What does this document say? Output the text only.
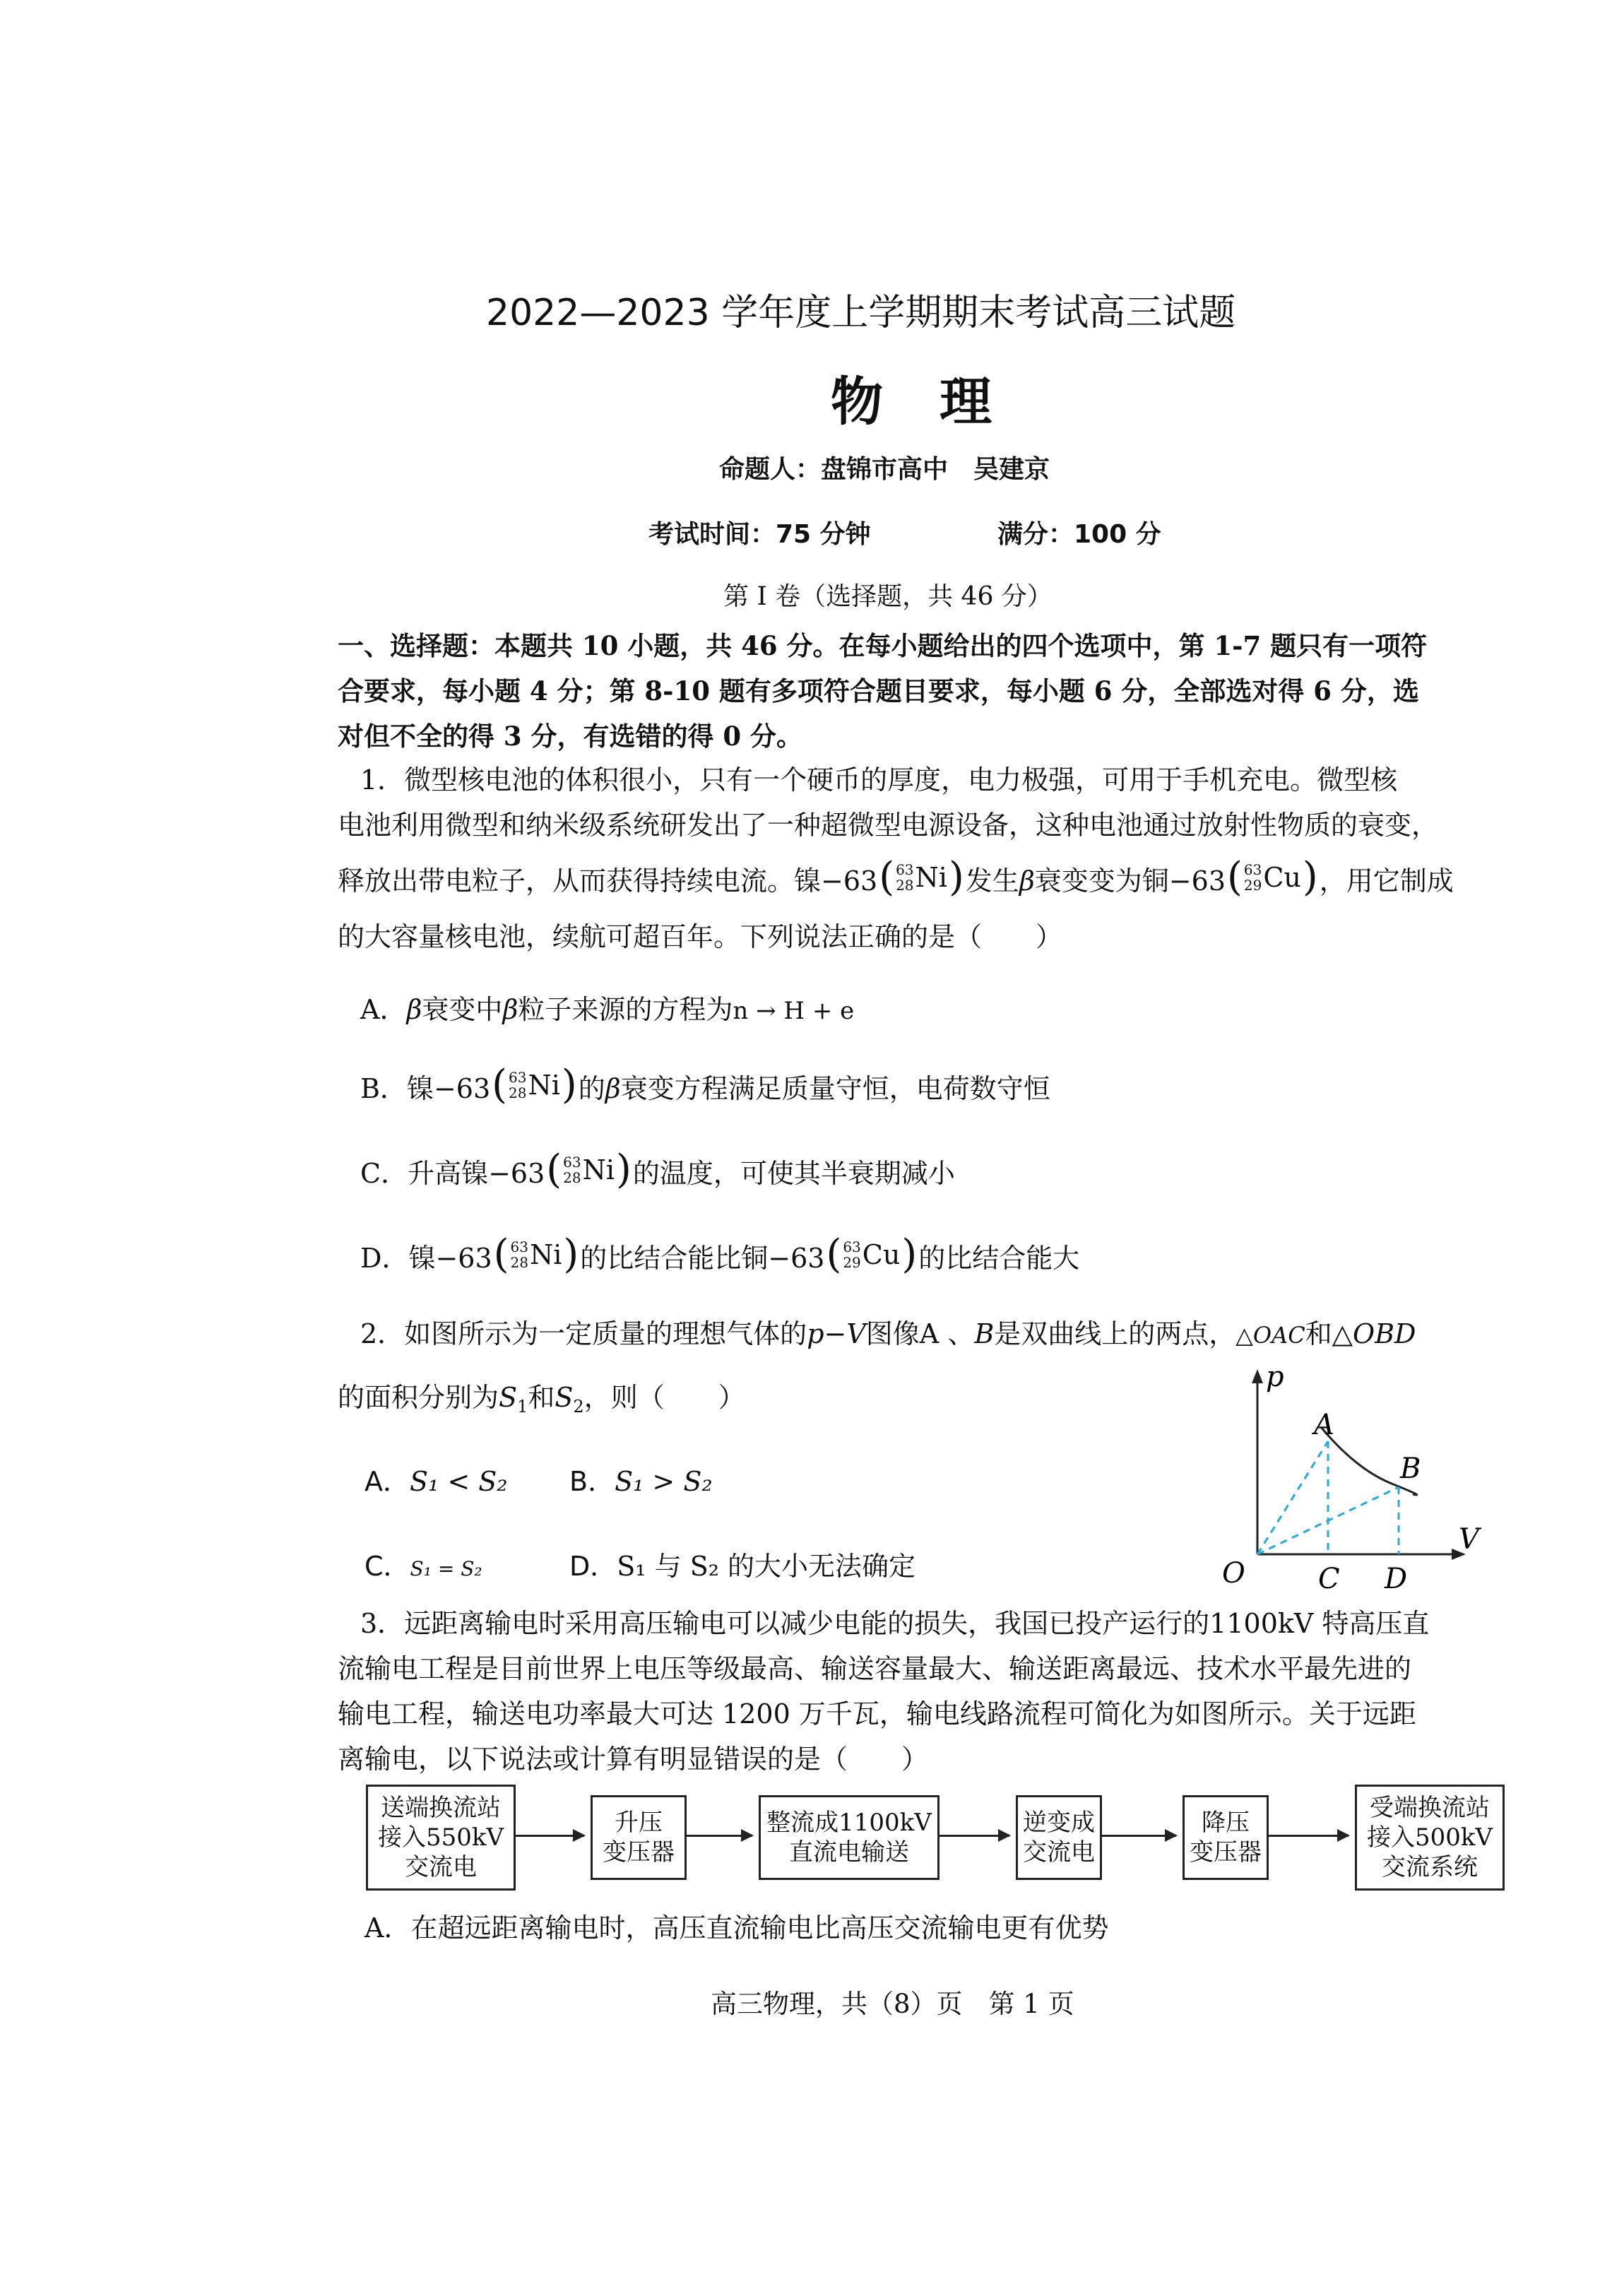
2022—2023 学年度上学期期末考试高三试题
物理
命题人：盘锦市高中　吴建京
考试时间：75 分钟	满分：100 分
第 I 卷（选择题，共 46 分）
一、选择题：本题共 10 小题，共 46 分。在每小题给出的四个选项中，第 1-7 题只有一项符
合要求，每小题 4 分；第 8-10 题有多项符合题目要求，每小题 6 分，全部选对得 6 分，选
对但不全的得 3 分，有选错的得 0 分。
1．微型核电池的体积很小，只有一个硬币的厚度，电力极强，可用于手机充电。微型核
电池利用微型和纳米级系统研发出了一种超微型电源设备，这种电池通过放射性物质的衰变，
释放出带电粒子，从而获得持续电流。镍−63 ( 63
28 Ni ) 发生β衰变变为铜−63 ( 63
29 Cu ) ，用它制成
的大容量核电池，续航可超百年。下列说法正确的是（　　）
A．β衰变中β粒子来源的方程为n → H + e
B．镍−63 ( 63
28 Ni ) 的β衰变方程满足质量守恒，电荷数守恒
C．升高镍−63 ( 63
28 Ni ) 的温度，可使其半衰期减小
D．镍−63 ( 63
28 Ni ) 的比结合能比铜−63 ( 63
29 Cu ) 的比结合能大
2．如图所示为一定质量的理想气体的p−V图像A 、B是双曲线上的两点，△OAC和△OBD
的面积分别为$S_1$和$S_2$，则（　　）
A．S₁ < S₂ B．S₁ > S₂
C．S₁ = S₂	D．S₁ 与 S₂ 的大小无法确定
p
V
O
A
B
C D
3．远距离输电时采用高压输电可以减少电能的损失，我国已投产运行的1100kV 特高压直
流输电工程是目前世界上电压等级最高、输送容量最大、输送距离最远、技术水平最先进的
输电工程，输送电功率最大可达 1200 万千瓦，输电线路流程可简化为如图所示。关于远距
离输电，以下说法或计算有明显错误的是（　　）
送端换流站
接入550kV
交流电
升压
变压器
整流成1100kV
直流电输送
逆变成
交流电
降压
变压器
受端换流站
接入500kV
交流系统
A．在超远距离输电时，高压直流输电比高压交流输电更有优势
高三物理，共（8）页　第 1 页
